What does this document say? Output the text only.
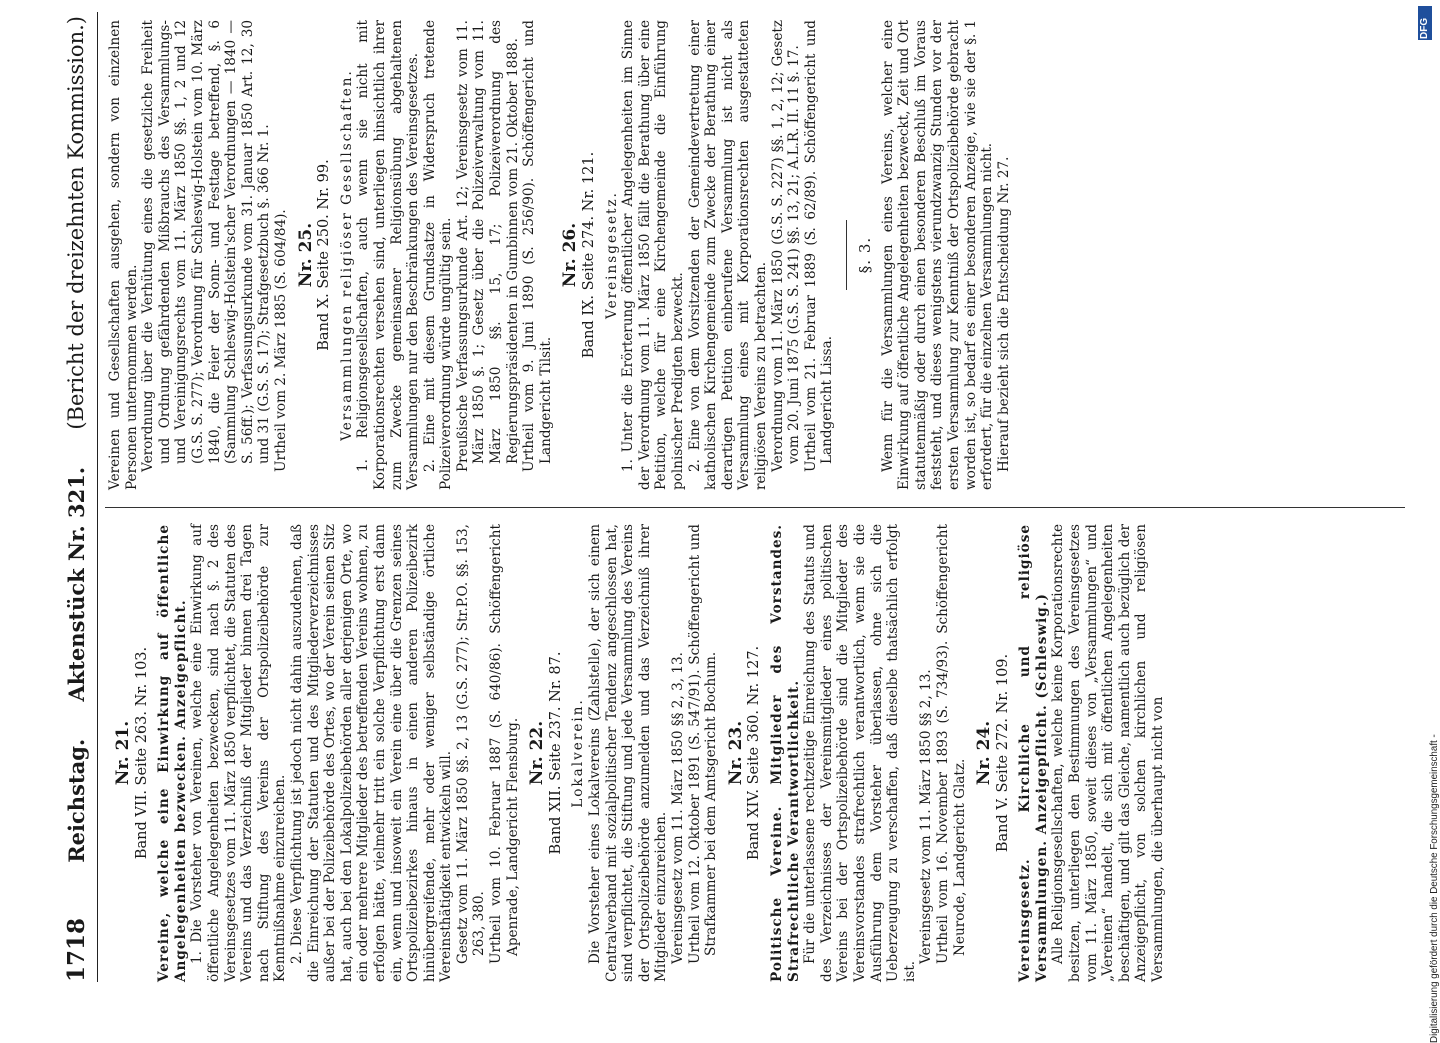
1718
Reichstag.
Aktenstück Nr. 321.
(Bericht der dreizehnten Kommission.)
Nr. 21. Band VII. Seite 263. Nr. 103. Vereine, welche eine Einwirkung auf öffentliche Angelegenheiten bezwecken. Anzeigepflicht. 1. Die Vorsteher von Vereinen, welche eine Einwirkung auf öffentliche Angelegenheiten bezwecken, sind nach §. 2 des Vereinsgesetzes vom 11. März 1850 verpflichtet, die Statuten des Vereins und das Verzeichniß der Mitglieder binnen drei Tagen nach Stiftung des Vereins der Ortspolizeibehörde zur Kenntnißnahme einzureichen. 2. Diese Verpflichtung ist jedoch nicht dahin auszudehnen, daß die Einreichung der Statuten und des Mitgliederverzeichnisses außer bei der Polizeibehörde des Ortes, wo der Verein seinen Sitz hat, auch bei den Lokalpolizeibehörden aller derjenigen Orte, wo ein oder mehrere Mitglieder des betreffenden Vereins wohnen, zu erfolgen hätte, vielmehr tritt ein solche Verpflichtung erst dann ein, wenn und insoweit ein Verein eine über die Grenzen seines Ortspolizeibezirkes hinaus in einen anderen Polizeibezirk hinübergreifende, mehr oder weniger selbständige örtliche Vereinsthätigkeit entwickeln will. Gesetz vom 11. März 1850 §§. 2, 13 (G.S. 277); Str.P.O. §§. 153, 263, 380. Urtheil vom 10. Februar 1887 (S. 640/86). Schöffengericht Apenrade, Landgericht Flensburg. Nr. 22. Band XII. Seite 237. Nr. 87. Lokalverein. Die Vorsteher eines Lokalvereins (Zahlstelle), der sich einem Centralverband mit sozialpolitischer Tendenz angeschlossen hat, sind verpflichtet, die Stiftung und jede Versammlung des Vereins der Ortspolizeibehörde anzumelden und das Verzeichniß ihrer Mitglieder einzureichen. Vereinsgesetz vom 11. März 1850 §§ 2, 3, 13. Urtheil vom 12. Oktober 1891 (S. 547/91). Schöffengericht und Strafkammer bei dem Amtsgericht Bochum. Nr. 23. Band XIV. Seite 360. Nr. 127. Politische Vereine. Mitglieder des Vorstandes. Strafrechtliche Verantwortlichkeit. Für die unterlassene rechtzeitige Einreichung des Statuts und des Verzeichnisses der Vereinsmitglieder eines politischen Vereins bei der Ortspolizeibehörde sind die Mitglieder des Vereinsvorstandes strafrechtlich verantwortlich, wenn sie die Ausführung dem Vorsteher überlassen, ohne sich die Ueberzeugung zu verschaffen, daß dieselbe thatsächlich erfolgt ist.

Vereinsgesetz vom 11. März 1850 §§ 2, 13. Urtheil vom 16. November 1893 (S. 734/93). Schöffengericht Neurode, Landgericht Glatz.

Nr. 24. Band V. Seite 272. Nr. 109. Vereinsgesetz. Kirchliche und religiöse Versammlungen. Anzeigepflicht. (Schleswig.) Alle Religionsgesellschaften, welche keine Korporationsrechte besitzen, unterliegen den Bestimmungen des Vereinsgesetzes vom 11. März 1850, soweit dieses von „Versammlungen“ und „Vereinen“ handelt, die sich mit öffentlichen Angelegenheiten beschäftigen, und gilt das Gleiche, namentlich auch bezüglich der Anzeigepflicht, von solchen kirchlichen und religiösen Versammlungen, die überhaupt nicht von

Vereinen und Gesellschaften ausgehen, sondern von einzelnen Personen unternommen werden. Verordnung über die Verhütung eines die gesetzliche Freiheit und Ordnung gefährdenden Mißbrauchs des Versammlungs- und Vereinigungsrechts vom 11. März 1850 §§. 1, 2 und 12 (G.S. S. 277); Verordnung für Schleswig-Holstein vom 10. März 1840, die Feier der Sonn- und Festtage betreffend, §. 6 (Sammlung Schleswig-Holstein'scher Verordnungen — 1840 — S. 56ff.); Verfassungsurkunde vom 31. Januar 1850 Art. 12, 30 und 31 (G.S. S. 17); Strafgesetzbuch §. 366 Nr. 1. Urtheil vom 2. März 1885 (S. 604/84). Nr. 25. Band X. Seite 250. Nr. 99. Versammlungen religiöser Gesellschaften. 1. Religionsgesellschaften, auch wenn sie nicht mit Korporationsrechten versehen sind, unterliegen hinsichtlich ihrer zum Zwecke gemeinsamer Religionsübung abgehaltenen Versammlungen nur den Beschränkungen des Vereinsgesetzes. 2. Eine mit diesem Grundsatze in Widerspruch tretende Polizeiverordnung würde ungültig sein. Preußische Verfassungsurkunde Art. 12; Vereinsgesetz vom 11. März 1850 §. 1; Gesetz über die Polizeiverwaltung vom 11. März 1850 §§. 15, 17; Polizeiverordnung des Regierungspräsidenten in Gumbinnen vom 21. Oktober 1888. Urtheil vom 9. Juni 1890 (S. 256/90). Schöffengericht und Landgericht Tilsit.

Nr. 26. Band IX. Seite 274. Nr. 121. Vereinsgesetz. 1. Unter die Erörterung öffentlicher Angelegenheiten im Sinne der Verordnung vom 11. März 1850 fällt die Berathung über eine Petition, welche für eine Kirchengemeinde die Einführung polnischer Predigten bezweckt. 2. Eine von dem Vorsitzenden der Gemeindevertretung einer katholischen Kirchengemeinde zum Zwecke der Berathung einer derartigen Petition einberufene Versammlung ist nicht als Versammlung eines mit Korporationsrechten ausgestatteten religiösen Vereins zu betrachten. Verordnung vom 11. März 1850 (G.S. S. 227) §§. 1, 2, 12; Gesetz vom 20. Juni 1875 (G.S. S. 241) §§. 13, 21; A.L.R. II. 11 §. 17. Urtheil vom 21. Februar 1889 (S. 62/89). Schöffengericht und Landgericht Lissa.

§. 3. Wenn für die Versammlungen eines Vereins, welcher eine Einwirkung auf öffentliche Angelegenheiten bezweckt, Zeit und Ort statutenmäßig oder durch einen besonderen Beschluß im Voraus feststeht, und dieses wenigstens vierundzwanzig Stunden vor der ersten Versammlung zur Kenntniß der Ortspolizeibehörde gebracht worden ist, so bedarf es einer besonderen Anzeige, wie sie der §. 1 erfordert, für die einzelnen Versammlungen nicht. Hierauf bezieht sich die Entscheidung Nr. 27.

Digitalisierung gefördert durch die Deutsche Forschungsgemeinschaft -
DFG
